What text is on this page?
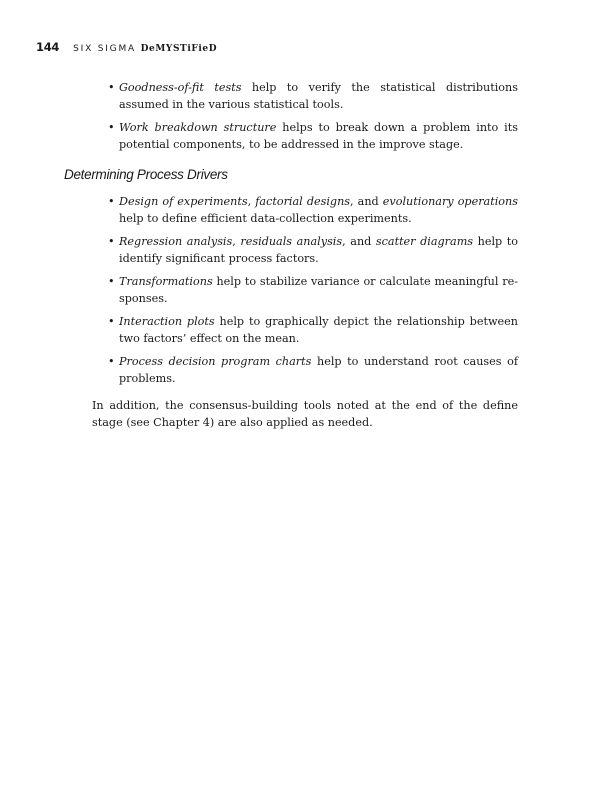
144 SIX SIGMA DeMYSTiFieD
• Goodness-of-fit tests help to verify the statistical distributions assumed in the various statistical tools.
• Work breakdown structure helps to break down a problem into its potential components, to be addressed in the improve stage.
Determining Process Drivers
• Design of experiments, factorial designs, and evolutionary operations help to define efficient data-collection experiments.
• Regression analysis, residuals analysis, and scatter diagrams help to identify significant process factors.
• Transformations help to stabilize variance or calculate meaningful re-sponses.
• Interaction plots help to graphically depict the relationship between two factors’ effect on the mean.
• Process decision program charts help to understand root causes of problems.

In addition, the consensus-building tools noted at the end of the define stage (see Chapter 4) are also applied as needed.
